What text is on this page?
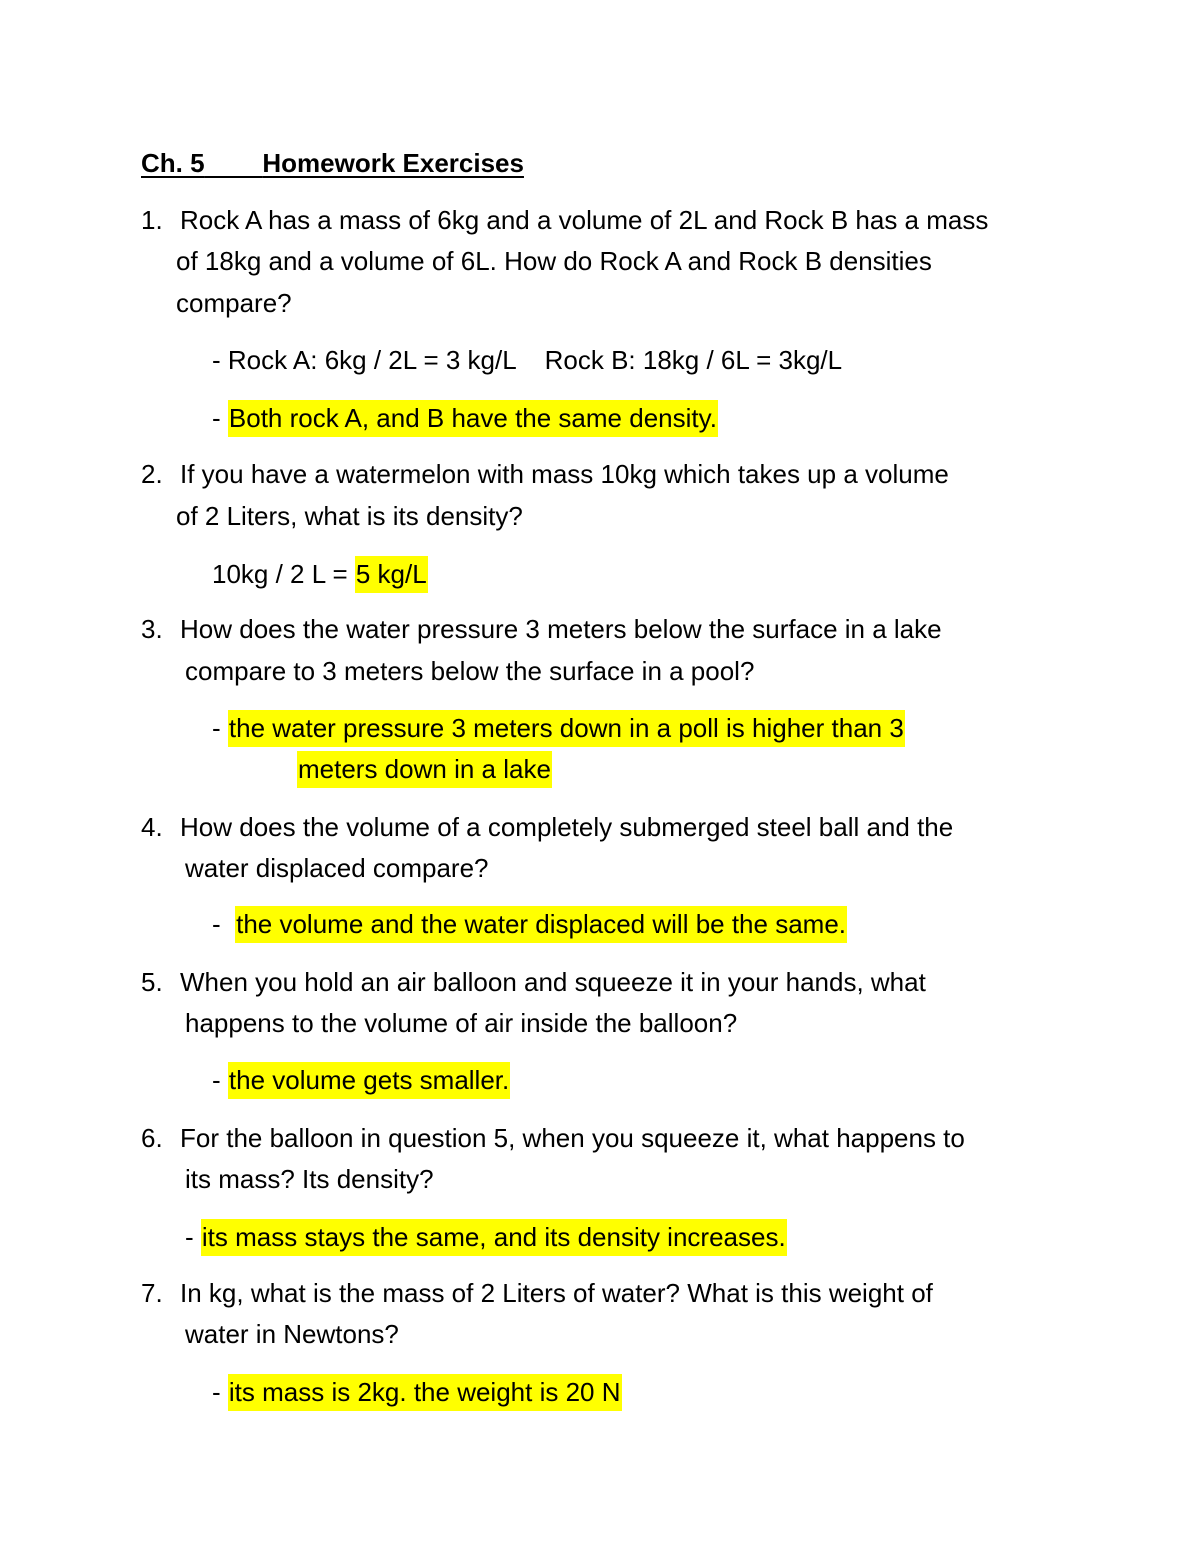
Ch. 5 Homework Exercises
1. Rock A has a mass of 6kg and a volume of 2L and Rock B has a mass
of 18kg and a volume of 6L. How do Rock A and Rock B densities
compare?
- Rock A: 6kg / 2L = 3 kg/L    Rock B: 18kg / 6L = 3kg/L
- Both rock A, and B have the same density.
2. If you have a watermelon with mass 10kg which takes up a volume
of 2 Liters, what is its density?
10kg / 2 L = 5 kg/L
3. How does the water pressure 3 meters below the surface in a lake
compare to 3 meters below the surface in a pool?
- the water pressure 3 meters down in a poll is higher than 3
meters down in a lake
4. How does the volume of a completely submerged steel ball and the
water displaced compare?
-  the volume and the water displaced will be the same.
5. When you hold an air balloon and squeeze it in your hands, what
happens to the volume of air inside the balloon?
- the volume gets smaller.
6. For the balloon in question 5, when you squeeze it, what happens to
its mass? Its density?
- its mass stays the same, and its density increases.
7. In kg, what is the mass of 2 Liters of water? What is this weight of
water in Newtons?
- its mass is 2kg. the weight is 20 N
